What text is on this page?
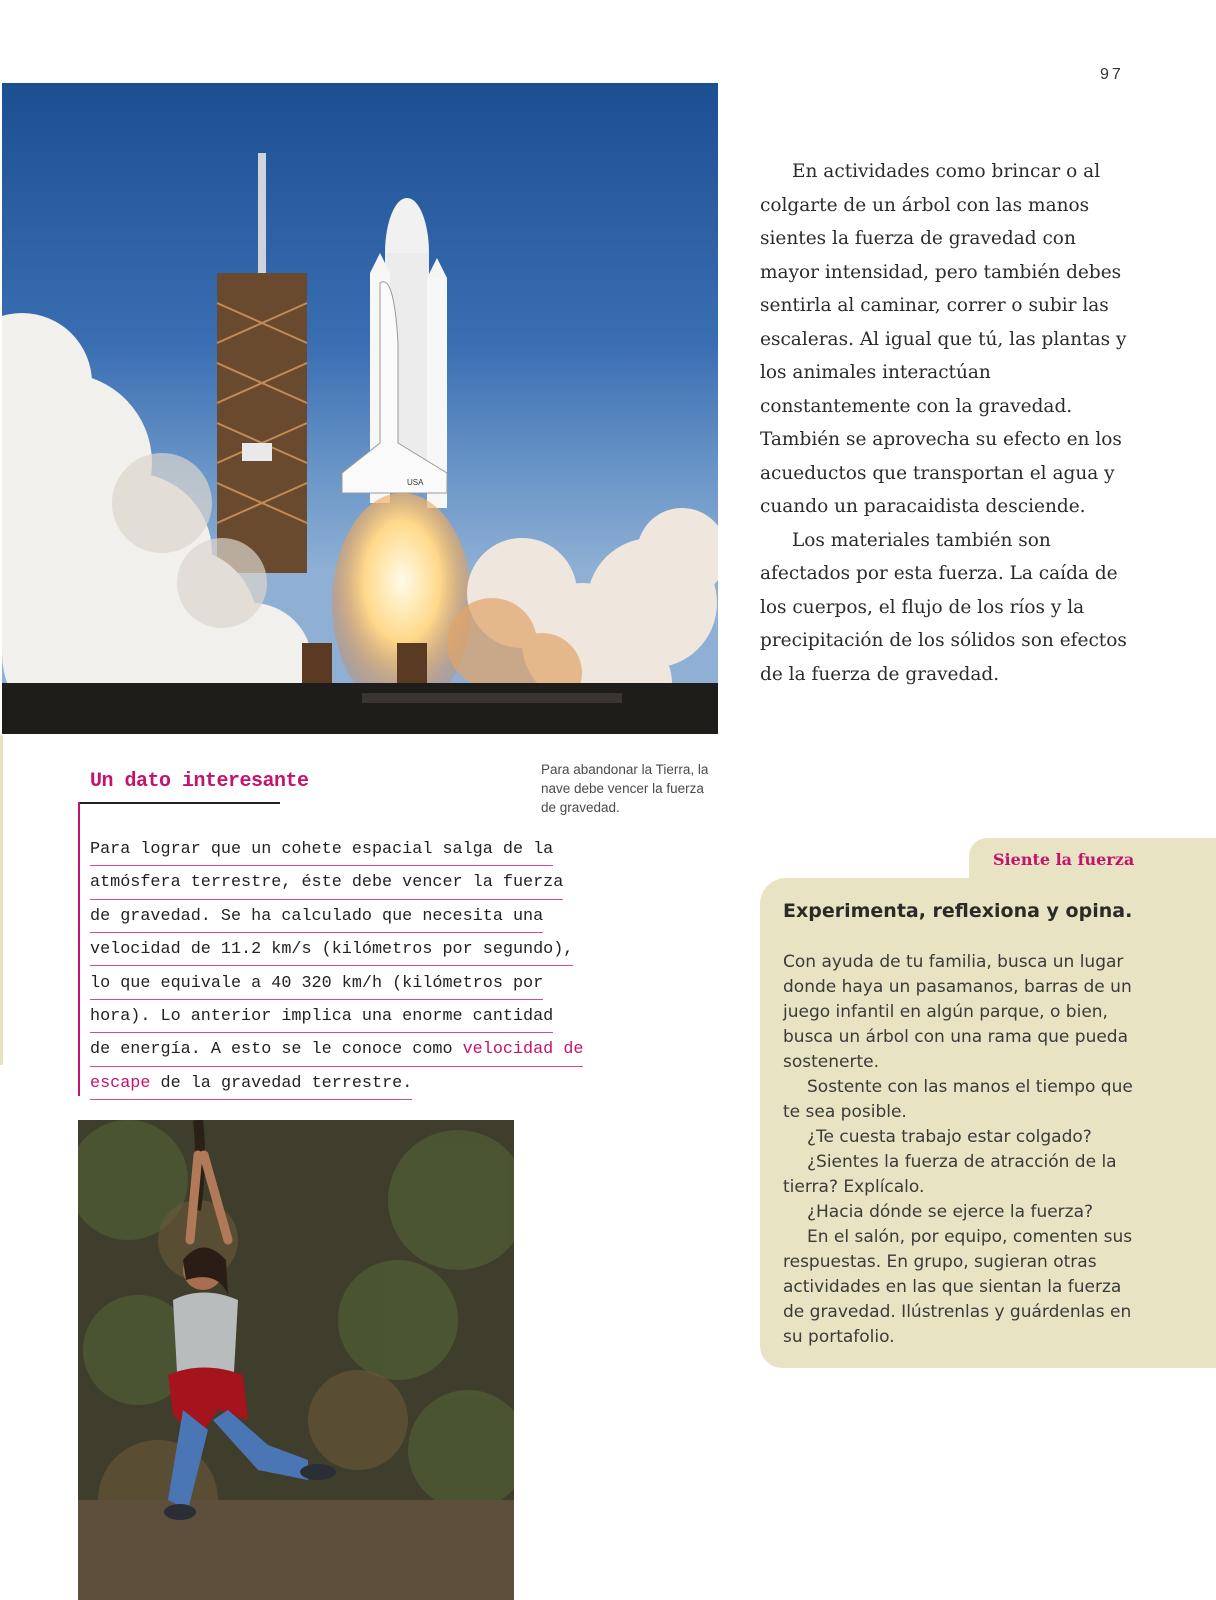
97
USA

En actividades como brincar o al colgarte de un árbol con las manos sientes la fuerza de gravedad con mayor intensidad, pero también debes sentirla al caminar, correr o subir las escaleras. Al igual que tú, las plantas y los animales interactúan constantemente con la gravedad. También se aprovecha su efecto en los acueductos que transportan el agua y cuando un paracaidista desciende.

Los materiales también son afectados por esta fuerza. La caída de los cuerpos, el flujo de los ríos y la precipitación de los sólidos son efectos de la fuerza de gravedad.

Para abandonar la Tierra, la nave debe vencer la fuerza de gravedad.
Un dato interesante
Para lograr que un cohete espacial salga de la
atmósfera terrestre, éste debe vencer la fuerza
de gravedad. Se ha calculado que necesita una
velocidad de 11.2 km/s (kilómetros por segundo),
lo que equivale a 40 320 km/h (kilómetros por
hora). Lo anterior implica una enorme cantidad
de energía. A esto se le conoce como velocidad de
escape de la gravedad terrestre.
Siente la fuerza
Experimenta, reflexiona y opina.

Con ayuda de tu familia, busca un lugar donde haya un pasamanos, barras de un juego infantil en algún parque, o bien, busca un árbol con una rama que pueda sostenerte.

Sostente con las manos el tiempo que te sea posible.

¿Te cuesta trabajo estar colgado?

¿Sientes la fuerza de atracción de la tierra? Explícalo.

¿Hacia dónde se ejerce la fuerza?

En el salón, por equipo, comenten sus respuestas. En grupo, sugieran otras actividades en las que sientan la fuerza de gravedad. Ilústrenlas y guárdenlas en su portafolio.
